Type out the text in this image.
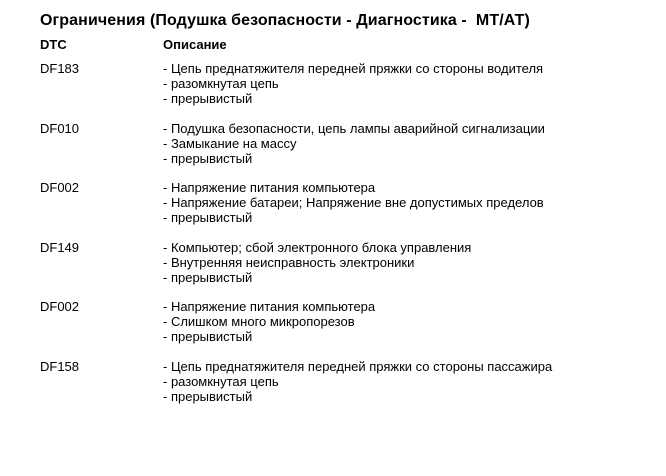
Ограничения (Подушка безопасности - Диагностика -  МТ/АТ)
DTC	Описание
DF183	- Цепь преднатяжителя передней пряжки со стороны водителя
- разомкнутая цепь
- прерывистый
DF010	- Подушка безопасности, цепь лампы аварийной сигнализации
- Замыкание на массу
- прерывистый
DF002	- Напряжение питания компьютера
- Напряжение батареи; Напряжение вне допустимых пределов
- прерывистый
DF149	- Компьютер; сбой электронного блока управления
- Внутренняя неисправность электроники
- прерывистый
DF002	- Напряжение питания компьютера
- Слишком много микропорезов
- прерывистый
DF158	- Цепь преднатяжителя передней пряжки со стороны пассажира
- разомкнутая цепь
- прерывистый
